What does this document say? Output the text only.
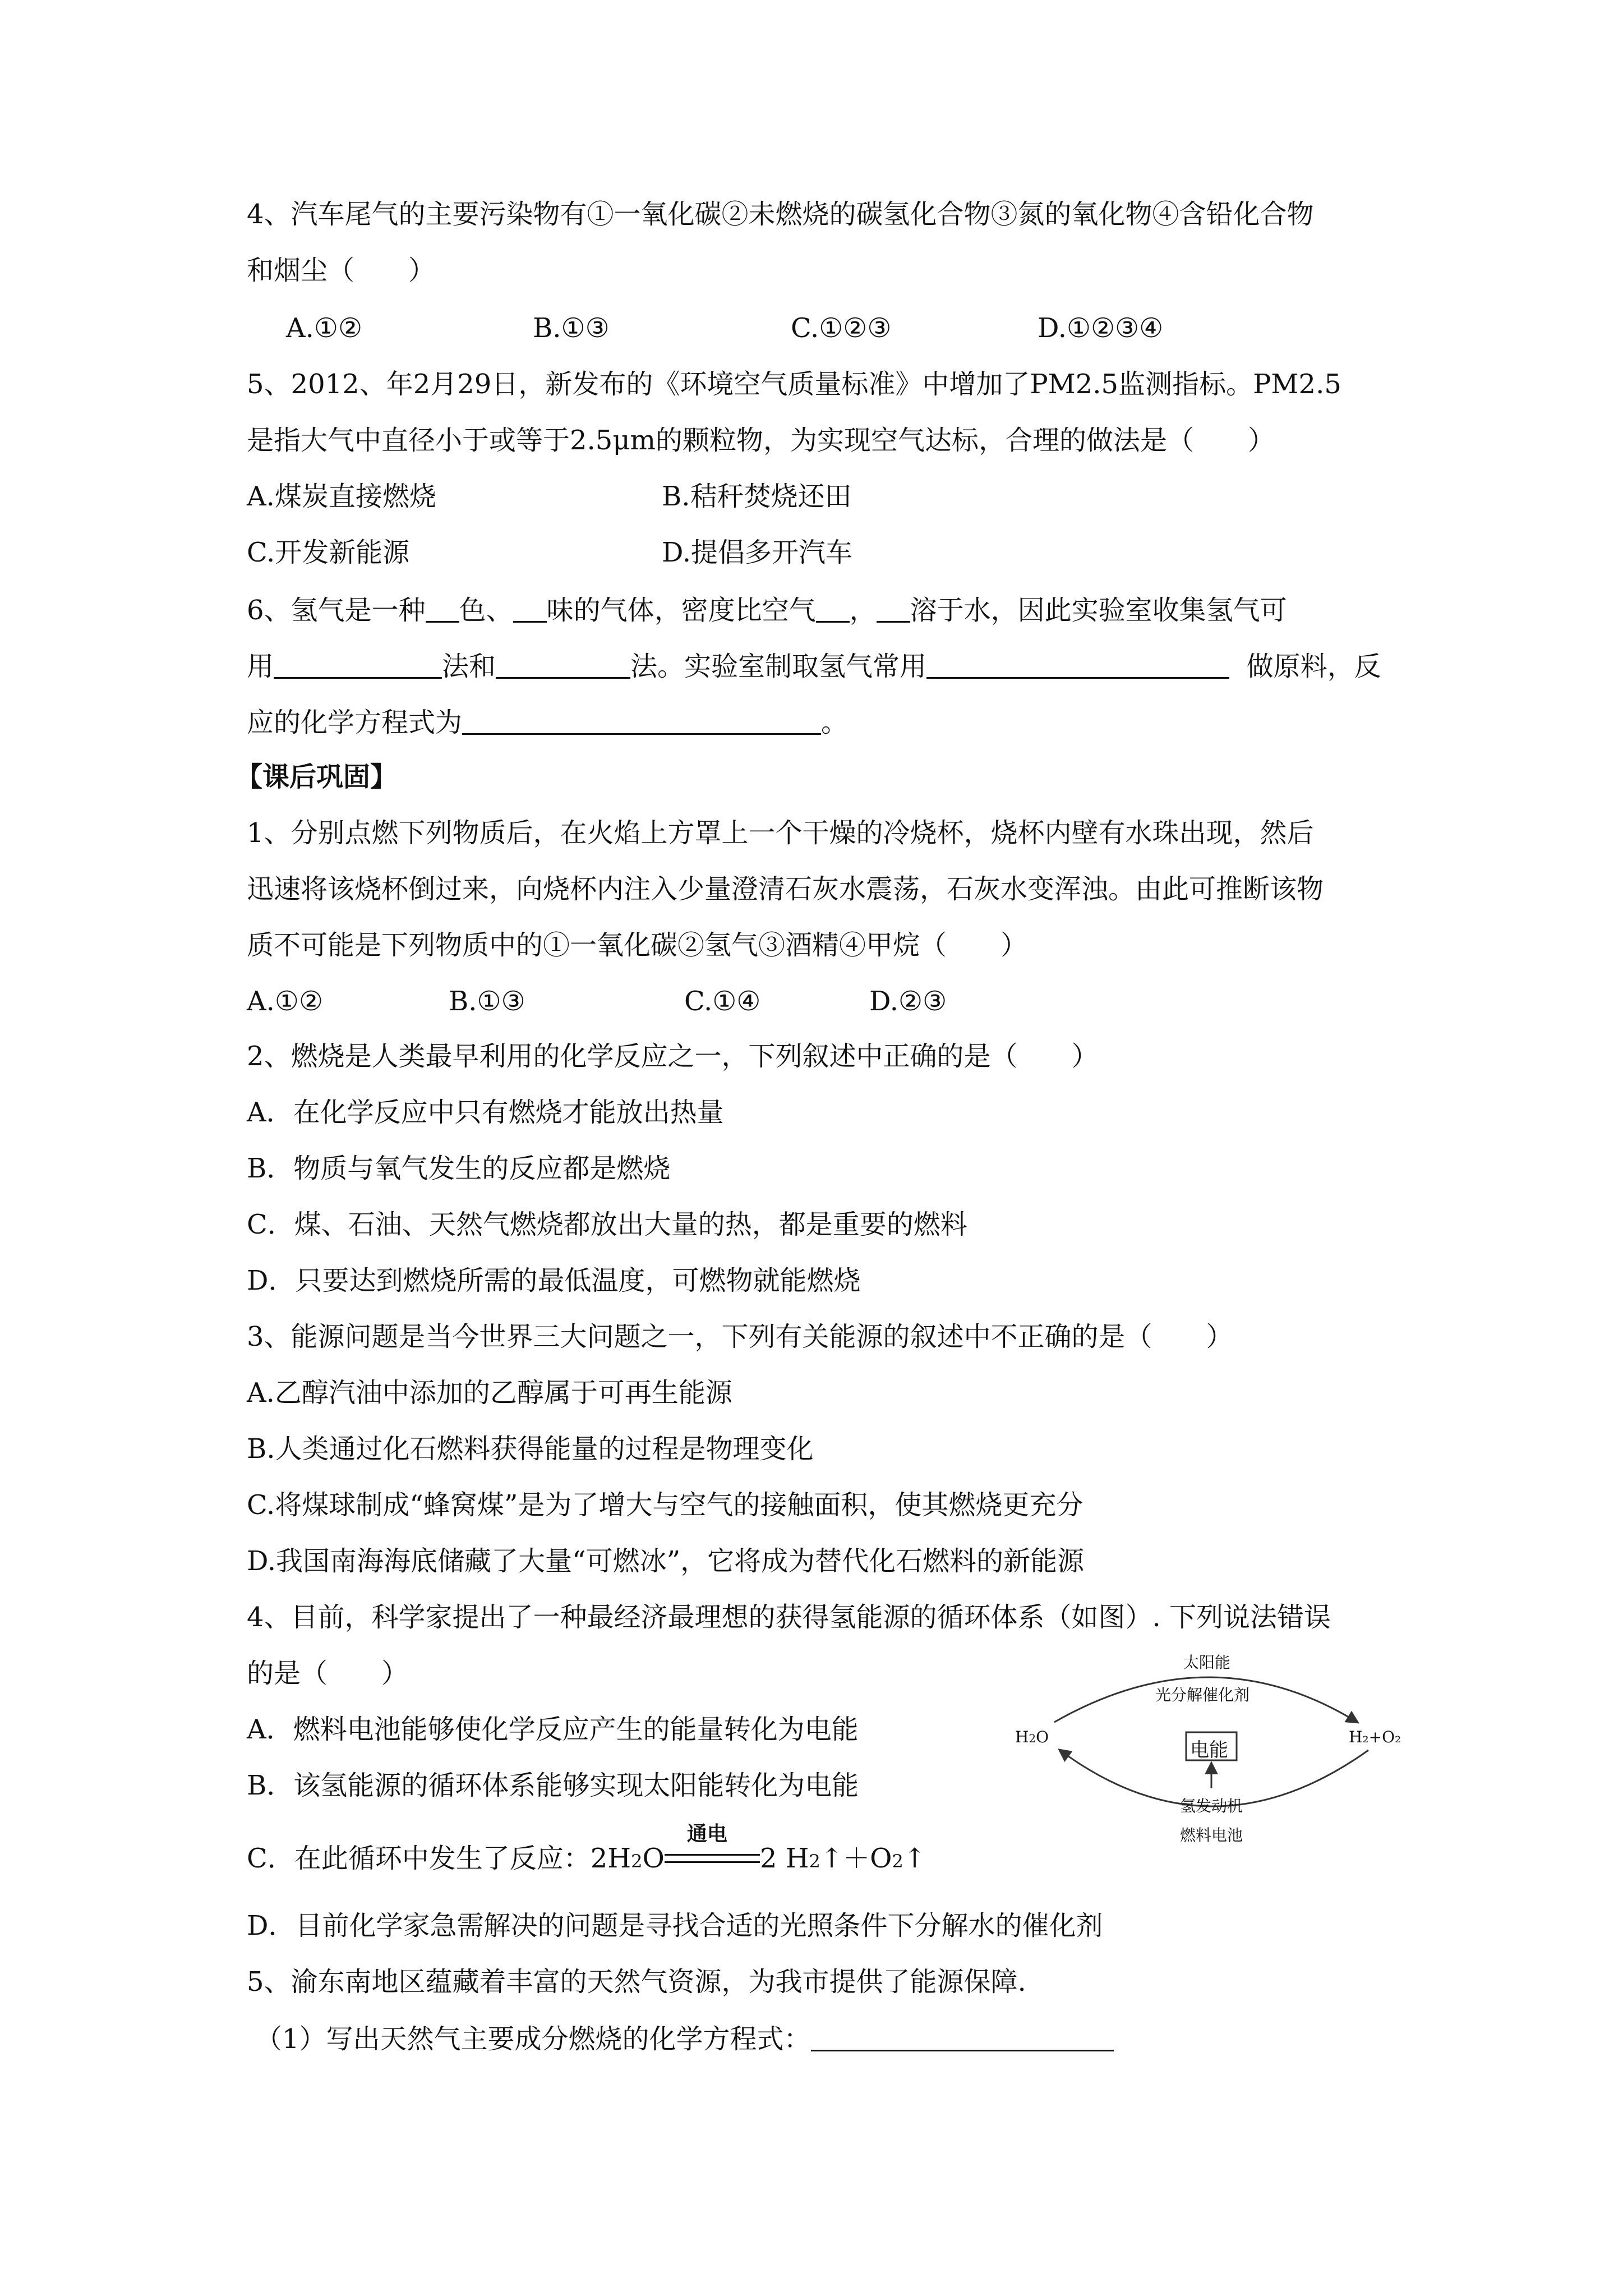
4、汽车尾气的主要污染物有①一氧化碳②未燃烧的碳氢化合物③氮的氧化物④含铅化合物
和烟尘（　　）
A.①②	B.①③	C.①②③	D.①②③④
5、2012、年2月29日，新发布的《环境空气质量标准》中增加了PM2.5监测指标。PM2.5
是指大气中直径小于或等于2.5μm的颗粒物，为实现空气达标，合理的做法是（　　）
A.煤炭直接燃烧	B.秸秆焚烧还田
C.开发新能源	D.提倡多开汽车
6、氢气是一种 色、 味的气体，密度比空气 ， 溶于水，因此实验室收集氢气可
用	法和	法。实验室制取氢气常用	做原料，反
应的化学方程式为	。
【课后巩固】
1、分别点燃下列物质后，在火焰上方罩上一个干燥的冷烧杯，烧杯内壁有水珠出现，然后
迅速将该烧杯倒过来，向烧杯内注入少量澄清石灰水震荡，石灰水变浑浊。由此可推断该物
质不可能是下列物质中的①一氧化碳②氢气③酒精④甲烷（　　）
A.①②	B.①③	C.①④	D.②③
2、燃烧是人类最早利用的化学反应之一，下列叙述中正确的是（　　）
A．在化学反应中只有燃烧才能放出热量
B．物质与氧气发生的反应都是燃烧
C．煤、石油、天然气燃烧都放出大量的热，都是重要的燃料
D．只要达到燃烧所需的最低温度，可燃物就能燃烧
3、能源问题是当今世界三大问题之一，下列有关能源的叙述中不正确的是（　　）
A.乙醇汽油中添加的乙醇属于可再生能源
B.人类通过化石燃料获得能量的过程是物理变化
C.将煤球制成“蜂窝煤”是为了增大与空气的接触面积，使其燃烧更充分
D.我国南海海底储藏了大量“可燃冰”，它将成为替代化石燃料的新能源
4、目前，科学家提出了一种最经济最理想的获得氢能源的循环体系（如图）. 下列说法错误
的是（　　）
A．燃料电池能够使化学反应产生的能量转化为电能
B．该氢能源的循环体系能够实现太阳能转化为电能
C．在此循环中发生了反应：2H2O
通电
2 H2↑＋O2↑
D．目前化学家急需解决的问题是寻找合适的光照条件下分解水的催化剂
5、渝东南地区蕴藏着丰富的天然气资源，为我市提供了能源保障.
（1）写出天然气主要成分燃烧的化学方程式：
太阳能
光分解催化剂
H2O	H₂+O₂
电能
氢发动机
燃料电池
